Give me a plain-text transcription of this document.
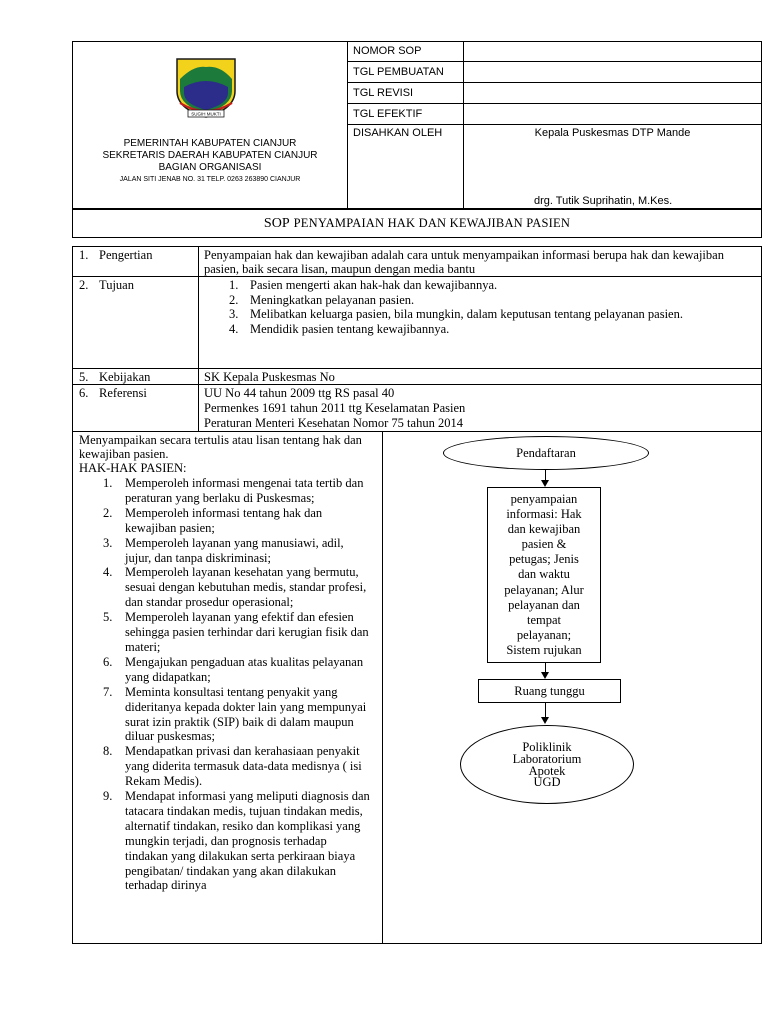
SUGIH MUKTI
PEMERINTAH KABUPATEN CIANJUR
SEKRETARIS DAERAH KABUPATEN CIANJUR
BAGIAN ORGANISASI
JALAN SITI JENAB NO. 31 TELP. 0263 263890 CIANJUR
NOMOR SOP
TGL PEMBUATAN
TGL REVISI
TGL EFEKTIF
DISAHKAN OLEH	Kepala Puskesmas DTP Mande
drg. Tutik Suprihatin, M.Kes.
SOP PENYAMPAIAN HAK DAN KEWAJIBAN PASIEN
1. Pengertian	Penyampaian hak dan kewajiban adalah cara untuk menyampaikan informasi berupa hak dan kewajiban pasien, baik secara lisan, maupun dengan media bantu
2. Tujuan	1. Pasien mengerti akan hak-hak dan kewajibannya.
2. Meningkatkan pelayanan pasien.
3. Melibatkan keluarga pasien, bila mungkin, dalam keputusan tentang pelayanan pasien.
4. Mendidik pasien tentang kewajibannya.
5. Kebijakan	SK Kepala Puskesmas No
6. Referensi	UU No 44 tahun 2009 ttg RS pasal 40
Permenkes 1691 tahun 2011 ttg Keselamatan Pasien
Peraturan Menteri Kesehatan Nomor 75 tahun 2014
Menyampaikan secara tertulis atau lisan tentang hak dan kewajiban pasien.
HAK-HAK PASIEN:
1. Memperoleh informasi mengenai tata tertib dan peraturan yang berlaku di Puskesmas;
2. Memperoleh informasi tentang hak dan kewajiban pasien;
3. Memperoleh layanan yang manusiawi, adil, jujur, dan tanpa diskriminasi;
4. Memperoleh layanan kesehatan yang bermutu, sesuai dengan kebutuhan medis, standar profesi, dan standar prosedur operasional;
5. Memperoleh layanan yang efektif dan efesien sehingga pasien terhindar dari kerugian fisik dan materi;
6. Mengajukan pengaduan atas kualitas pelayanan yang didapatkan;
7. Meminta konsultasi tentang penyakit yang dideritanya kepada dokter lain yang mempunyai surat izin praktik (SIP) baik di dalam maupun diluar puskesmas;
8. Mendapatkan privasi dan kerahasiaan penyakit yang diderita termasuk data-data medisnya ( isi Rekam Medis).
9. Mendapat informasi yang meliputi diagnosis dan tatacara tindakan medis, tujuan tindakan medis, alternatif tindakan, resiko dan komplikasi yang mungkin terjadi, dan prognosis terhadap tindakan yang dilakukan serta perkiraan biaya pengibatan/ tindakan yang akan dilakukan terhadap dirinya
Pendaftaran
penyampaian
informasi: Hak
dan kewajiban
pasien &
petugas; Jenis
dan waktu
pelayanan; Alur
pelayanan dan
tempat
pelayanan;
Sistem rujukan
Ruang tunggu
Poliklinik
Laboratorium
Apotek
UGD
